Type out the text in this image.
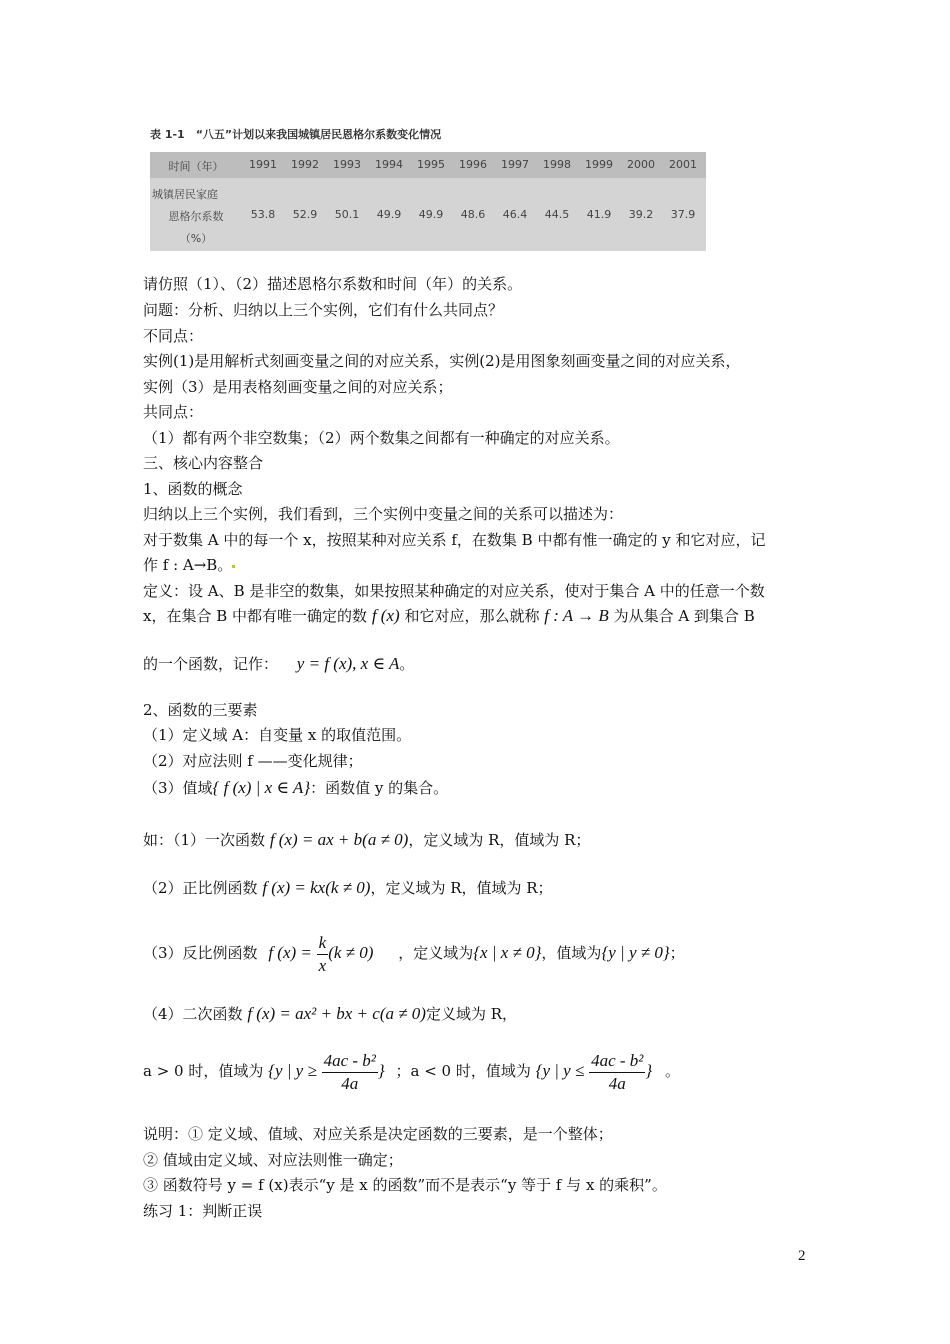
表 1-1　“八五”计划以来我国城镇居民恩格尔系数变化情况
时间（年）	1991	1992	1993	1994	1995	1996	1997	1998	1999	2000	2001
城镇居民家庭
恩格尔系数
（%）
53.8	52.9	50.1	49.9	49.9	48.6	46.4	44.5	41.9	39.2	37.9
请仿照（1）、（2）描述恩格尔系数和时间（年）的关系。
问题：分析、归纳以上三个实例，它们有什么共同点？
不同点：
实例(1)是用解析式刻画变量之间的对应关系，实例(2)是用图象刻画变量之间的对应关系，
实例（3）是用表格刻画变量之间的对应关系；
共同点：
（1）都有两个非空数集；（2）两个数集之间都有一种确定的对应关系。
三、核心内容整合
1、函数的概念
归纳以上三个实例，我们看到，三个实例中变量之间的关系可以描述为：
对于数集 A 中的每一个 x，按照某种对应关系 f，在数集 B 中都有惟一确定的 y 和它对应，记
作 f : A→B。
定义：设 A、B 是非空的数集，如果按照某种确定的对应关系，使对于集合 A 中的任意一个数
x，在集合 B 中都有唯一确定的数 f (x) 和它对应，那么就称 f : A → B 为从集合 A 到集合 B
的一个函数，记作： y = f (x), x ∈ A。
2、函数的三要素
（1）定义域 A：自变量 x 的取值范围。
（2）对应法则 f ——变化规律；
（3）值域{ f (x) | x ∈ A}：函数值 y 的集合。
如：（1）一次函数 f (x) = ax + b(a ≠ 0)，定义域为 R，值域为 R；
（2）正比例函数 f (x) = kx(k ≠ 0)，定义域为 R，值域为 R；
（3）反比例函数 f $(x) = \frac{k}{x} (k \ne 0)$ ，定义域为{x | x ≠ 0}，值域为{y | y ≠ 0}；
（4）二次函数 f (x) = ax² + bx + c(a ≠ 0)定义域为 R，
a > 0 时，值域为 {y | $y \ge \frac{\text{4ac - b²}}{4a}$ } ；a < 0 时，值域为 {y | $y \le \frac{\text{4ac - b²}}{4a}$ } 。
说明：① 定义域、值域、对应关系是决定函数的三要素，是一个整体；
② 值域由定义域、对应法则惟一确定；
③ 函数符号 y = f (x)表示“y 是 x 的函数”而不是表示“y 等于 f 与 x 的乘积”。
练习 1：判断正误
2
